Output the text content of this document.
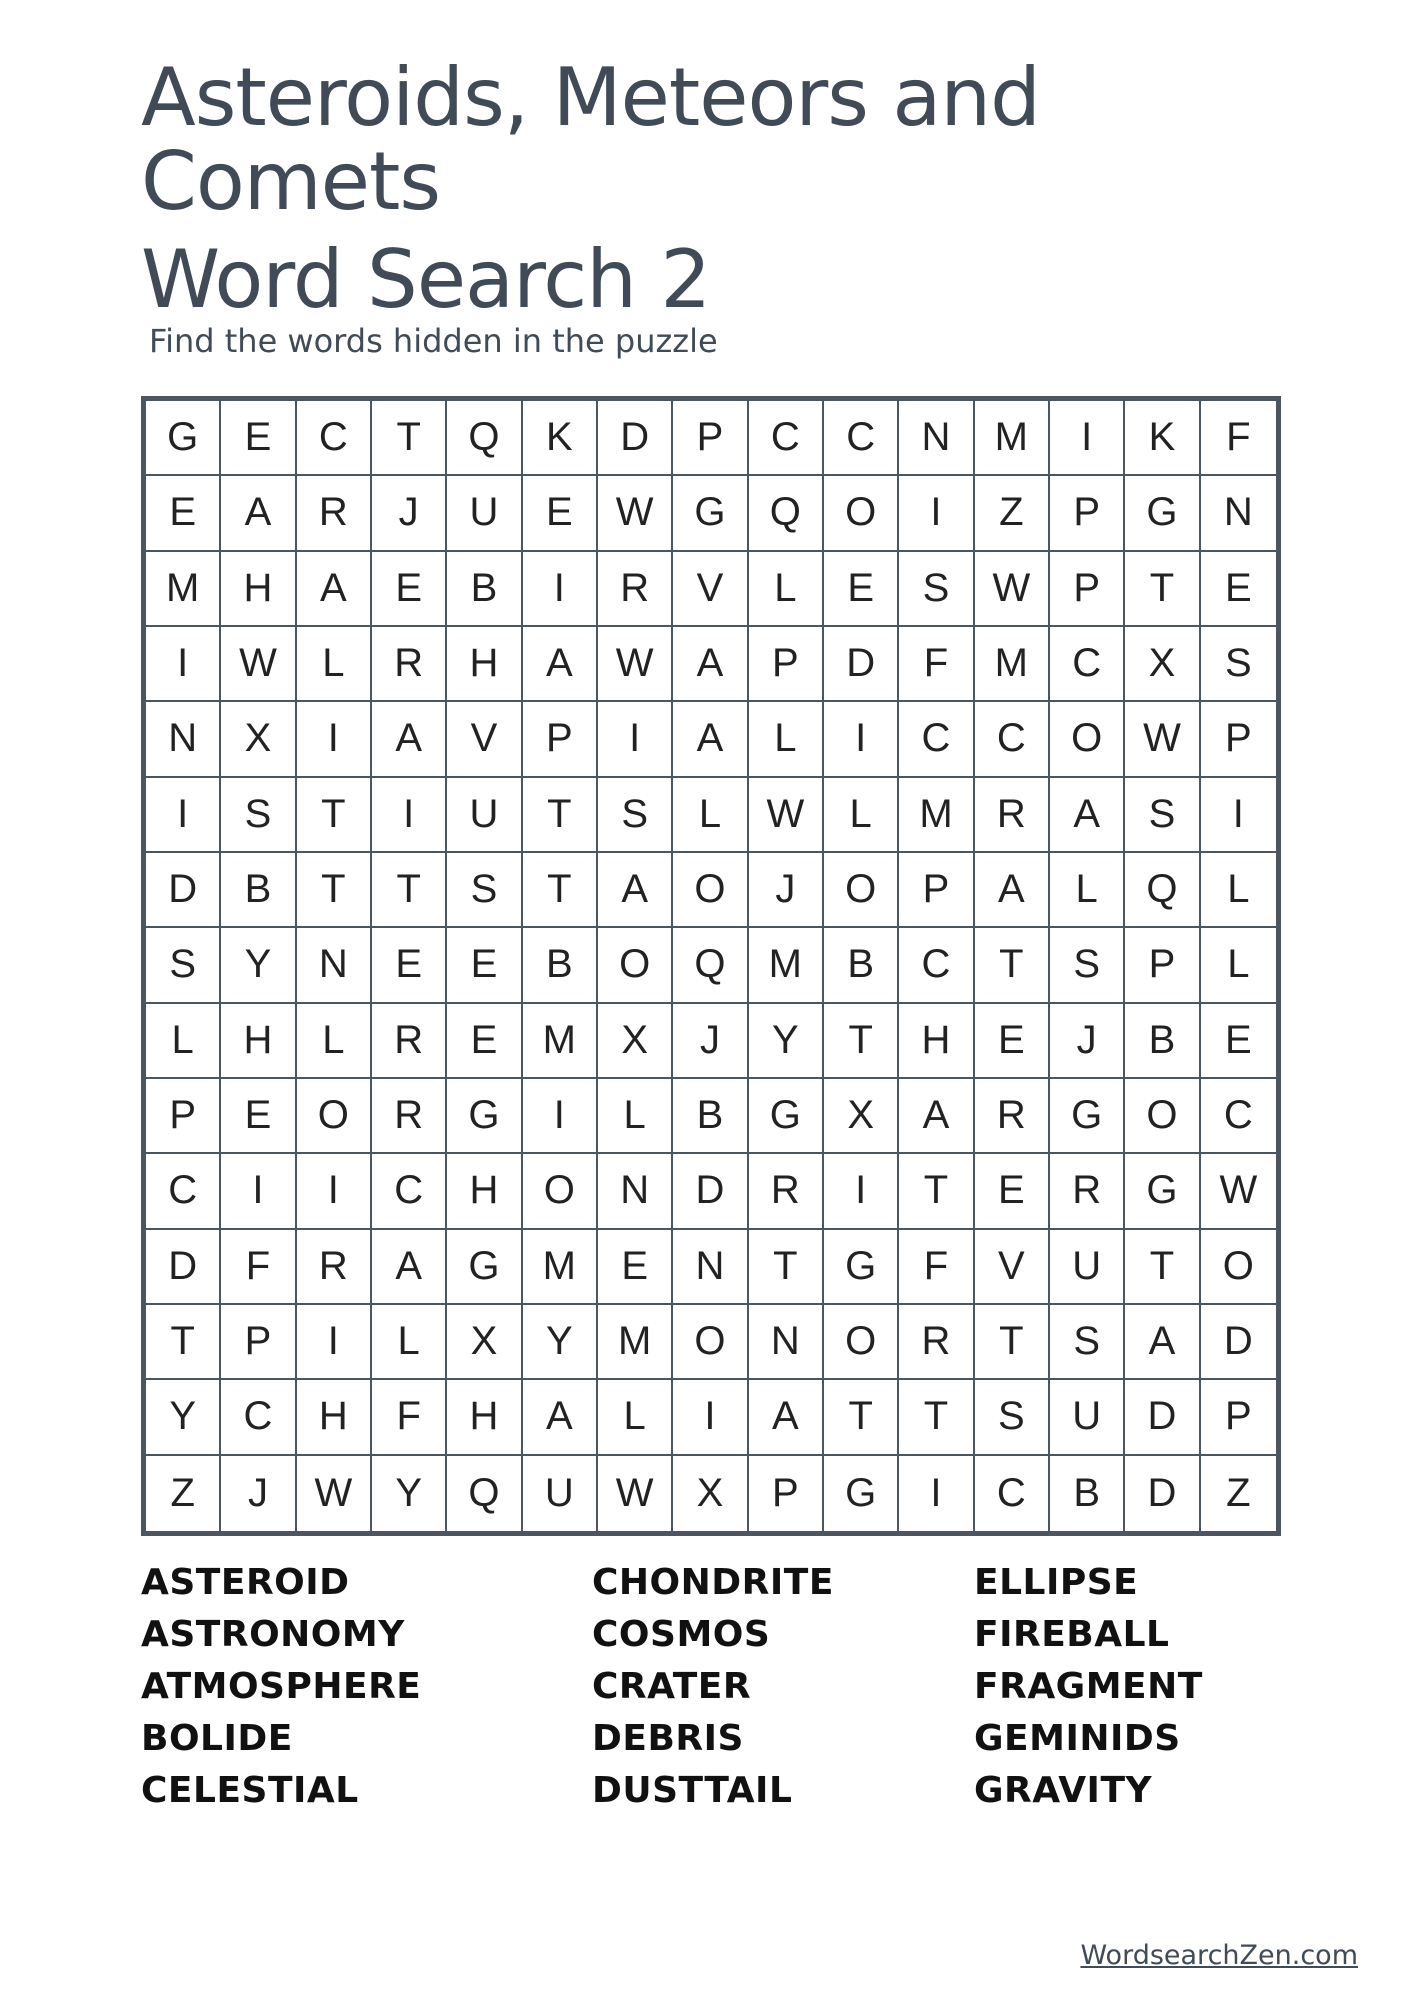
Asteroids, Meteors and
Comets
Word Search 2
Find the words hidden in the puzzle
G	E	C	T	Q	K	D	P	C	C	N	M	I	K	F
E	A	R	J	U	E	W	G	Q	O	I	Z	P	G	N
M	H	A	E	B	I	R	V	L	E	S	W	P	T	E
I	W	L	R	H	A	W	A	P	D	F	M	C	X	S
N	X	I	A	V	P	I	A	L	I	C	C	O	W	P
I	S	T	I	U	T	S	L	W	L	M	R	A	S	I
D	B	T	T	S	T	A	O	J	O	P	A	L	Q	L
S	Y	N	E	E	B	O	Q	M	B	C	T	S	P	L
L	H	L	R	E	M	X	J	Y	T	H	E	J	B	E
P	E	O	R	G	I	L	B	G	X	A	R	G	O	C
C	I	I	C	H	O	N	D	R	I	T	E	R	G	W
D	F	R	A	G	M	E	N	T	G	F	V	U	T	O
T	P	I	L	X	Y	M	O	N	O	R	T	S	A	D
Y	C	H	F	H	A	L	I	A	T	T	S	U	D	P
Z	J	W	Y	Q	U	W	X	P	G	I	C	B	D	Z
ASTEROID
ASTRONOMY
ATMOSPHERE
BOLIDE
CELESTIAL
CHONDRITE
COSMOS
CRATER
DEBRIS
DUSTTAIL
ELLIPSE
FIREBALL
FRAGMENT
GEMINIDS
GRAVITY
WordsearchZen.com
